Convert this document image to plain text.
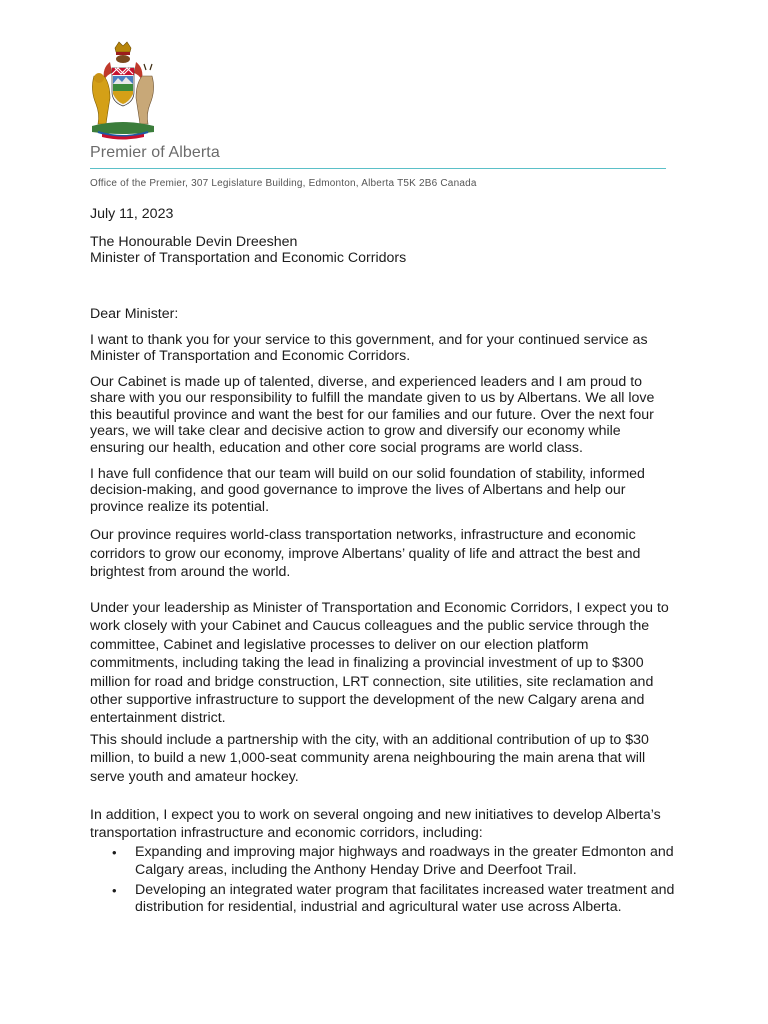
Premier of Alberta
Office of the Premier, 307 Legislature Building, Edmonton, Alberta T5K 2B6 Canada
July 11, 2023
The Honourable Devin Dreeshen
Minister of Transportation and Economic Corridors
Dear Minister:
I want to thank you for your service to this government, and for your continued service as Minister of Transportation and Economic Corridors.
Our Cabinet is made up of talented, diverse, and experienced leaders and I am proud to share with you our responsibility to fulfill the mandate given to us by Albertans. We all love this beautiful province and want the best for our families and our future. Over the next four years, we will take clear and decisive action to grow and diversify our economy while ensuring our health, education and other core social programs are world class.
I have full confidence that our team will build on our solid foundation of stability, informed decision-making, and good governance to improve the lives of Albertans and help our province realize its potential.
Our province requires world-class transportation networks, infrastructure and economic corridors to grow our economy, improve Albertans’ quality of life and attract the best and brightest from around the world.
Under your leadership as Minister of Transportation and Economic Corridors, I expect you to work closely with your Cabinet and Caucus colleagues and the public service through the committee, Cabinet and legislative processes to deliver on our election platform commitments, including taking the lead in finalizing a provincial investment of up to $300 million for road and bridge construction, LRT connection, site utilities, site reclamation and other supportive infrastructure to support the development of the new Calgary arena and entertainment district.
This should include a partnership with the city, with an additional contribution of up to $30 million, to build a new 1,000-seat community arena neighbouring the main arena that will serve youth and amateur hockey.
In addition, I expect you to work on several ongoing and new initiatives to develop Alberta’s transportation infrastructure and economic corridors, including:
• Expanding and improving major highways and roadways in the greater Edmonton and Calgary areas, including the Anthony Henday Drive and Deerfoot Trail.
• Developing an integrated water program that facilitates increased water treatment and distribution for residential, industrial and agricultural water use across Alberta.
